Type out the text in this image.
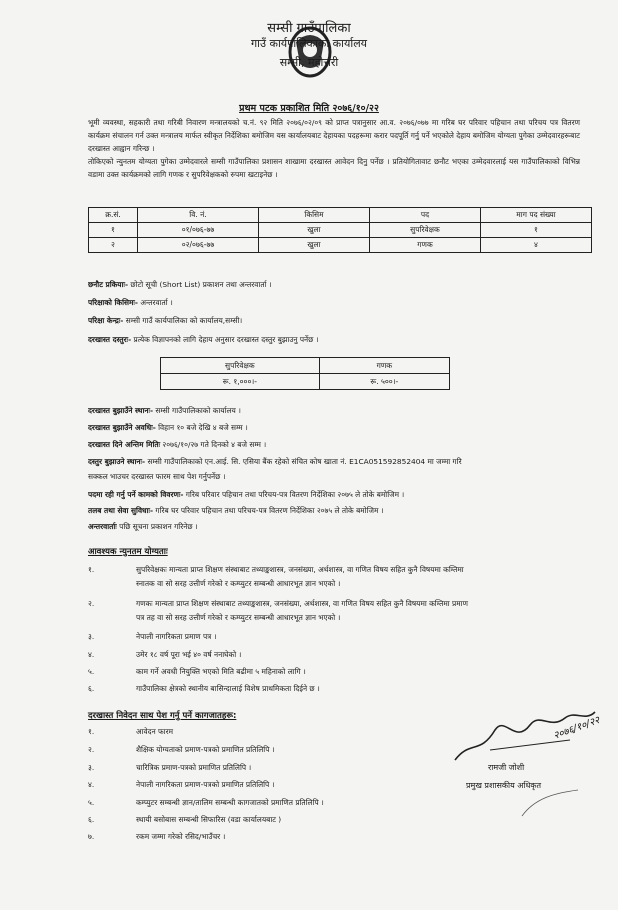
सम्सी गाउँपालिका
गाउँ कार्यपालिकाको कार्यालय
सम्सी, महोत्तरी
प्रथम पटक प्रकाशित मिति २०७६/१०/२२
भूमी व्यवस्था, सहकारी तथा गरिबी निवारण मन्त्रालयको च.नं. ९२ मिति २०७६/०२/०९ को प्राप्त पत्रानुसार आ.व. २०७६/०७७ मा गरिब घर परिवार पहिचान तथा परिचय पत्र वितरण कार्यक्रम संचालन गर्न उक्त मन्त्रालय मार्फत स्वीकृत निर्देशिका बमोजिम यस कार्यालयबाट देहायका पदहरूमा करार पदपूर्ति गर्नु पर्ने भएकोले देहाय बमोजिम योग्यता पुगेका उम्मेदवारहरूबाट दरखास्त आह्वान गरिन्छ ।
तोकिएको न्युनतम योग्यता पुगेका उम्मेदवारले सम्सी गाउँपालिका प्रशासन शाखामा दरखास्त आवेदन दिनु पर्नेछ । प्रतियोगितावाट छनौट भएका उम्मेदवारलाई यस गाउँपालिकाको विभिन्न वडामा उक्त कार्यक्रमको लागि गणक र सुपरिवेक्षकको रुपमा खटाइनेछ ।
क्र.सं.	वि. नं.	किसिम	पद	माग पद संख्या
१	०१/०७६-७७	खुला	सुपरिवेक्षक	१
२	०२/०७६-७७	खुला	गणक	४
छनौट प्रकियाः- छोटो सूची (Short List) प्रकाशन तथा अन्तरवार्ता ।
परिक्षाको किसिमः- अन्तरवार्ता ।
परिक्षा केन्द्रः- सम्सी गाउँ कार्यपालिका को कार्यालय,सम्सी।
दरखास्त दस्तुरः- प्रत्येक विज्ञापनको लागि देहाय अनुसार दरखास्त दस्तुर बुझाउनु पर्नेछ ।
सुपरिवेक्षक	गणक
रू. १,०००।-	रू. ५००।-
दरखास्त बुझाउँने स्थानः- सम्सी गाउँपालिकाको कार्यालय ।
दरखास्त बुझाउँने अवधिः- विहान १० बजे देखि ४ बजे सम्म ।
दरखास्त दिने अन्तिम मितिः २०७६/१०/२७ गते दिनको ४ बजे सम्म ।
दस्तुर बुझाउने स्थानः- सम्सी गाउँपालिकाको एन.आई. सि. एसिया बैंक रहेको संचित कोष खाता नं. E1CA051592852404 मा जम्मा गरि
सक्कल भाउचर दरखास्त फारम साथ पेश गर्नुपर्नेछ ।
पदमा रही गर्नु पर्ने कामको विवरणः- गरिब परिवार पहिचान तथा परिचय-पत्र वितरण निर्देशिका २०७५ ले तोके बमोजिम ।
तलब तथा सेवा सुविधाः- गरिब घर परिवार पहिचान तथा परिचय-पत्र वितरण निर्देशिका २०७५ ले तोके बमोजिम ।
अन्तरवार्ताः पछि सूचना प्रकाशन गरिनेछ ।
आवश्यक न्युनतम योग्यताः
१.	सुपरिवेक्षकः मान्यता प्राप्त शिक्षण संस्थाबाट तथ्याङ्कशास्त्र, जनसंख्या, अर्थशास्त्र, वा गणित विषय सहित कुनै विषयमा कम्तिमा
स्नातक वा सो सरह उत्तीर्ण गरेको र कम्प्युटर सम्बन्धी आधारभूत ज्ञान भएको ।
२.	गणकः मान्यता प्राप्त शिक्षण संस्थाबाट तथ्याङ्कशास्त्र, जनसंख्या, अर्थशास्त्र, वा गणित विषय सहित कुनै विषयमा कम्तिमा प्रमाण
पत्र तह वा सो सरह उत्तीर्ण गरेको र कम्प्युटर सम्बन्धी आधारभूत ज्ञान भएको ।
३.	नेपाली नागरिकता प्रमाण पत्र ।
४.	उमेर १८ वर्ष पूरा भई ४० वर्ष ननाघेको ।
५.	काम गर्ने अवधी नियुक्ति भएको मिति बढीमा ५ महिनाको लागि ।
६.	गाउँपालिका क्षेत्रको स्थानीय बासिन्दालाई विशेष प्राथमिकता दिईने छ ।
दरखास्त निवेदन साथ पेश गर्नु पर्ने कागजातहरू:
१.	आवेदन फारम
२.	शैक्षिक योग्यताको प्रमाण-पत्रको प्रमाणित प्रतिलिपि ।
३.	चारित्रिक प्रमाण-पत्रको प्रमाणित प्रतिलिपि ।
४.	नेपाली नागरिकता प्रमाण-पत्रको प्रमाणित प्रतिलिपि ।
५.	कम्प्युटर सम्बन्धी ज्ञान/तालिम सम्बन्धी कागजातको प्रमाणित प्रतिलिपि ।
६.	स्थायी बसोबास सम्बन्धी सिफारिस (वडा कार्यालयबाट )
७.	रकम जम्मा गरेको रसिद/भाउँचर ।
२०७६/१०/२२
रामजी जोशी
प्रमुख प्रशासकीय अधिकृत
